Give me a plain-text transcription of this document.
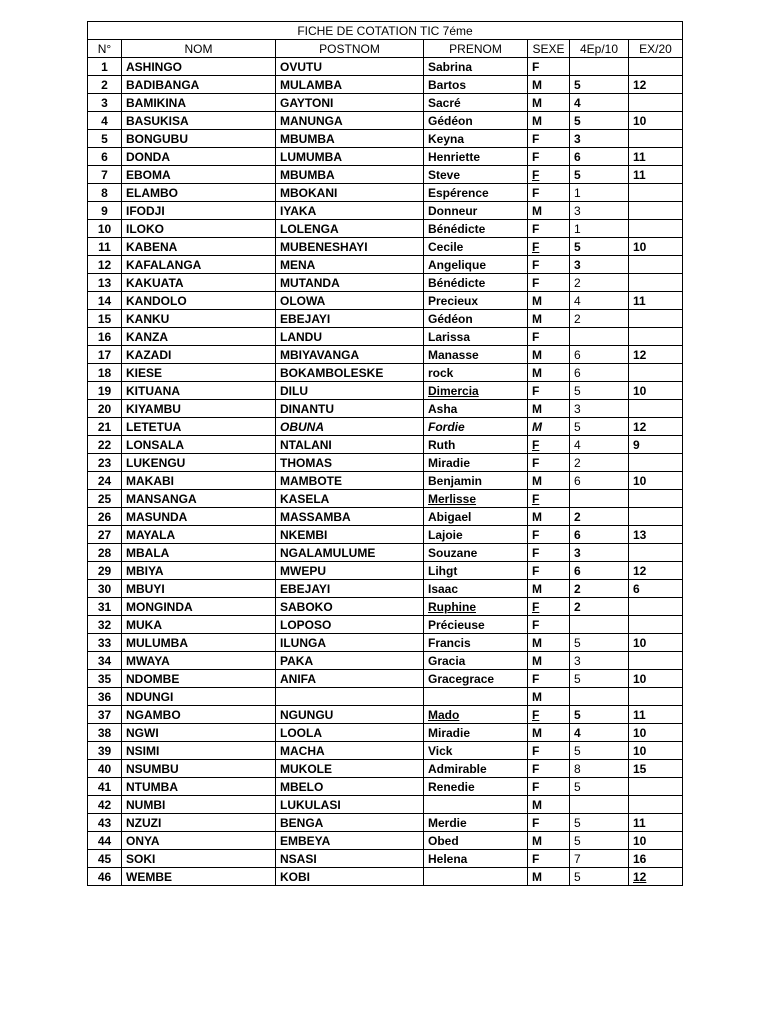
FICHE DE COTATION TIC 7éme						
N°	NOM	POSTNOM	PRENOM	SEXE	4Ep/10	EX/20
1	ASHINGO	OVUTU	Sabrina	F		
2	BADIBANGA	MULAMBA	Bartos	M	5	12
3	BAMIKINA	GAYTONI	Sacré	M	4	
4	BASUKISA	MANUNGA	Gédéon	M	5	10
5	BONGUBU	MBUMBA	Keyna	F	3	
6	DONDA	LUMUMBA	Henriette	F	6	11
7	EBOMA	MBUMBA	Steve	F	5	11
8	ELAMBO	MBOKANI	Espérence	F	1	
9	IFODJI	IYAKA	Donneur	M	3	
10	ILOKO	LOLENGA	Bénédicte	F	1	
11	KABENA	MUBENESHAYI	Cecile	F	5	10
12	KAFALANGA	MENA	Angelique	F	3	
13	KAKUATA	MUTANDA	Bénédicte	F	2	
14	KANDOLO	OLOWA	Precieux	M	4	11
15	KANKU	EBEJAYI	Gédéon	M	2	
16	KANZA	LANDU	Larissa	F		
17	KAZADI	MBIYAVANGA	Manasse	M	6	12
18	KIESE	BOKAMBOLESKE	rock	M	6	
19	KITUANA	DILU	Dimercia	F	5	10
20	KIYAMBU	DINANTU	Asha	M	3	
21	LETETUA	OBUNA	Fordie	M	5	12
22	LONSALA	NTALANI	Ruth	F	4	9
23	LUKENGU	THOMAS	Miradie	F	2	
24	MAKABI	MAMBOTE	Benjamin	M	6	10
25	MANSANGA	KASELA	Merlisse	F		
26	MASUNDA	MASSAMBA	Abigael	M	2	
27	MAYALA	NKEMBI	Lajoie	F	6	13
28	MBALA	NGALAMULUME	Souzane	F	3	
29	MBIYA	MWEPU	Lihgt	F	6	12
30	MBUYI	EBEJAYI	Isaac	M	2	6
31	MONGINDA	SABOKO	Ruphine	F	2	
32	MUKA	LOPOSO	Précieuse	F		
33	MULUMBA	ILUNGA	Francis	M	5	10
34	MWAYA	PAKA	Gracia	M	3	
35	NDOMBE	ANIFA	Gracegrace	F	5	10
36	NDUNGI			M		
37	NGAMBO	NGUNGU	Mado	F	5	11
38	NGWI	LOOLA	Miradie	M	4	10
39	NSIMI	MACHA	Vick	F	5	10
40	NSUMBU	MUKOLE	Admirable	F	8	15
41	NTUMBA	MBELO	Renedie	F	5	
42	NUMBI	LUKULASI		M		
43	NZUZI	BENGA	Merdie	F	5	11
44	ONYA	EMBEYA	Obed	M	5	10
45	SOKI	NSASI	Helena	F	7	16
46	WEMBE	KOBI		M	5	12
